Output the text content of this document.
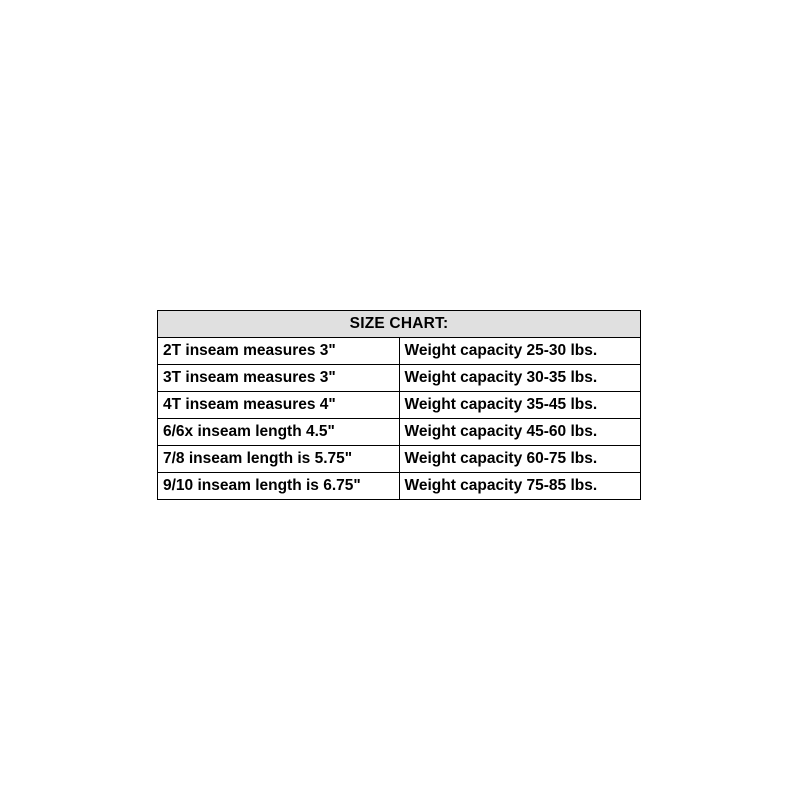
SIZE CHART:	
2T inseam measures 3"	Weight capacity 25-30 lbs.
3T inseam measures 3"	Weight capacity 30-35 lbs.
4T inseam measures 4"	Weight capacity 35-45 lbs.
6/6x inseam length 4.5"	Weight capacity 45-60 lbs.
7/8 inseam length is 5.75"	Weight capacity 60-75 lbs.
9/10 inseam length is 6.75"	Weight capacity 75-85 lbs.
